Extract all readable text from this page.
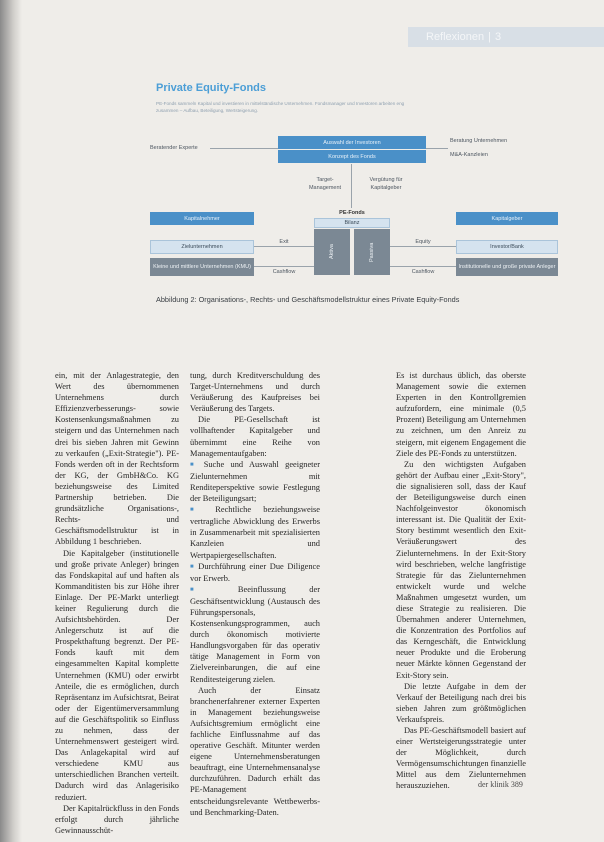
Reflexionen | 3
Private Equity-Fonds
PE-Fonds sammeln Kapital und investieren in mittelständische Unternehmen. Fondsmanager und Investoren arbeiten eng zusammen – Aufbau, Beteiligung, Wertsteigerung.
Auswahl der Investoren
Konzept des Fonds
Beratender Experte
Beratung Unternehmen
M&A-Kanzleien
Target-
Management
Vergütung für
Kapitalgeber
PE-Fonds
Bilanz
Aktiva	Passiva
Kapitalnehmer
Zielunternehmen
Kleine und mittlere Unternehmen (KMU)
Kapitalgeber
Investor/Bank
Institutionelle und große private Anleger
Exit
Cashflow
Equity
Cashflow
Abbildung 2: Organisations-, Rechts- und Geschäftsmodellstruktur eines Private Equity-Fonds

ein, mit der Anlagestrategie, den Wert des übernommenen Unternehmens durch Effizienzverbesserungs- sowie Kostensenkungsmaßnahmen zu steigern und das Unternehmen nach drei bis sieben Jahren mit Gewinn zu verkaufen („Exit-Strategie"). PE-Fonds werden oft in der Rechtsform der KG, der GmbH&Co. KG beziehungsweise des Limited Partnership betrieben. Die grundsätzliche Organisations-, Rechts- und Geschäftsmodellstruktur ist in Abbildung 1 beschrieben.

Die Kapitalgeber (institutionelle und große private Anleger) bringen das Fondskapital auf und haften als Kommanditisten bis zur Höhe ihrer Einlage. Der PE-Markt unterliegt keiner Regulierung durch die Aufsichtsbehörden. Der Anlegerschutz ist auf die Prospekthaftung begrenzt. Der PE-Fonds kauft mit dem eingesammelten Kapital komplette Unternehmen (KMU) oder erwirbt Anteile, die es ermöglichen, durch Repräsentanz im Aufsichtsrat, Beirat oder der Eigentümerversammlung auf die Geschäftspolitik so Einfluss zu nehmen, dass der Unternehmenswert gesteigert wird. Das Anlagekapital wird auf verschiedene KMU aus unterschiedlichen Branchen verteilt. Dadurch wird das Anlagerisiko reduziert.

Der Kapitalrückfluss in den Fonds erfolgt durch jährliche Gewinnausschüt-

tung, durch Kreditverschuldung des Target-Unternehmens und durch Veräußerung des Kaufpreises bei Veräußerung des Targets.

Die PE-Gesellschaft ist vollhaftender Kapitalgeber und übernimmt eine Reihe von Managementaufgaben:

■ Suche und Auswahl geeigneter Zielunternehmen mit Renditeperspektive sowie Festlegung der Beteiligungsart;

■ Rechtliche beziehungsweise vertragliche Abwicklung des Erwerbs in Zusammenarbeit mit spezialisierten Kanzleien und Wertpapiergesellschaften.

■ Durchführung einer Due Diligence vor Erwerb.

■ Beeinflussung der Geschäftsentwicklung (Austausch des Führungspersonals, Kostensenkungsprogrammen, auch durch ökonomisch motivierte Handlungsvorgaben für das operativ tätige Management in Form von Zielvereinbarungen, die auf eine Renditesteigerung zielen.

Auch der Einsatz branchenerfahrener externer Experten in Management beziehungsweise Aufsichtsgremium ermöglicht eine fachliche Einflussnahme auf das operative Geschäft. Mitunter werden eigene Unternehmensberatungen beauftragt, eine Unternehmensanalyse durchzuführen. Dadurch erhält das PE-Management entscheidungsrelevante Wettbewerbs- und Benchmarking-Daten.

Es ist durchaus üblich, das oberste Management sowie die externen Experten in den Kontrollgremien aufzufordern, eine minimale (0,5 Prozent) Beteiligung am Unternehmen zu zeichnen, um den Anreiz zu steigern, mit eigenem Engagement die Ziele des PE-Fonds zu unterstützen.

Zu den wichtigsten Aufgaben gehört der Aufbau einer „Exit-Story", die signalisieren soll, dass der Kauf der Beteiligungsweise durch einen Nachfolgeinvestor ökonomisch interessant ist. Die Qualität der Exit-Story bestimmt wesentlich den Exit-Veräußerungswert des Zielunternehmens. In der Exit-Story wird beschrieben, welche langfristige Strategie für das Zielunternehmen entwickelt wurde und welche Maßnahmen umgesetzt wurden, um diese Strategie zu realisieren. Die Übernahmen anderer Unternehmen, die Konzentration des Portfolios auf das Kerngeschäft, die Entwicklung neuer Produkte und die Eroberung neuer Märkte können Gegenstand der Exit-Story sein.

Die letzte Aufgabe in dem der Verkauf der Beteiligung nach drei bis sieben Jahren zum größtmöglichen Verkaufspreis.

Das PE-Geschäftsmodell basiert auf einer Wertsteigerungsstrategie unter der Möglichkeit, durch Vermögensumschichtungen finanzielle Mittel aus dem Zielunternehmen herauszuziehen.	der klinik 389
